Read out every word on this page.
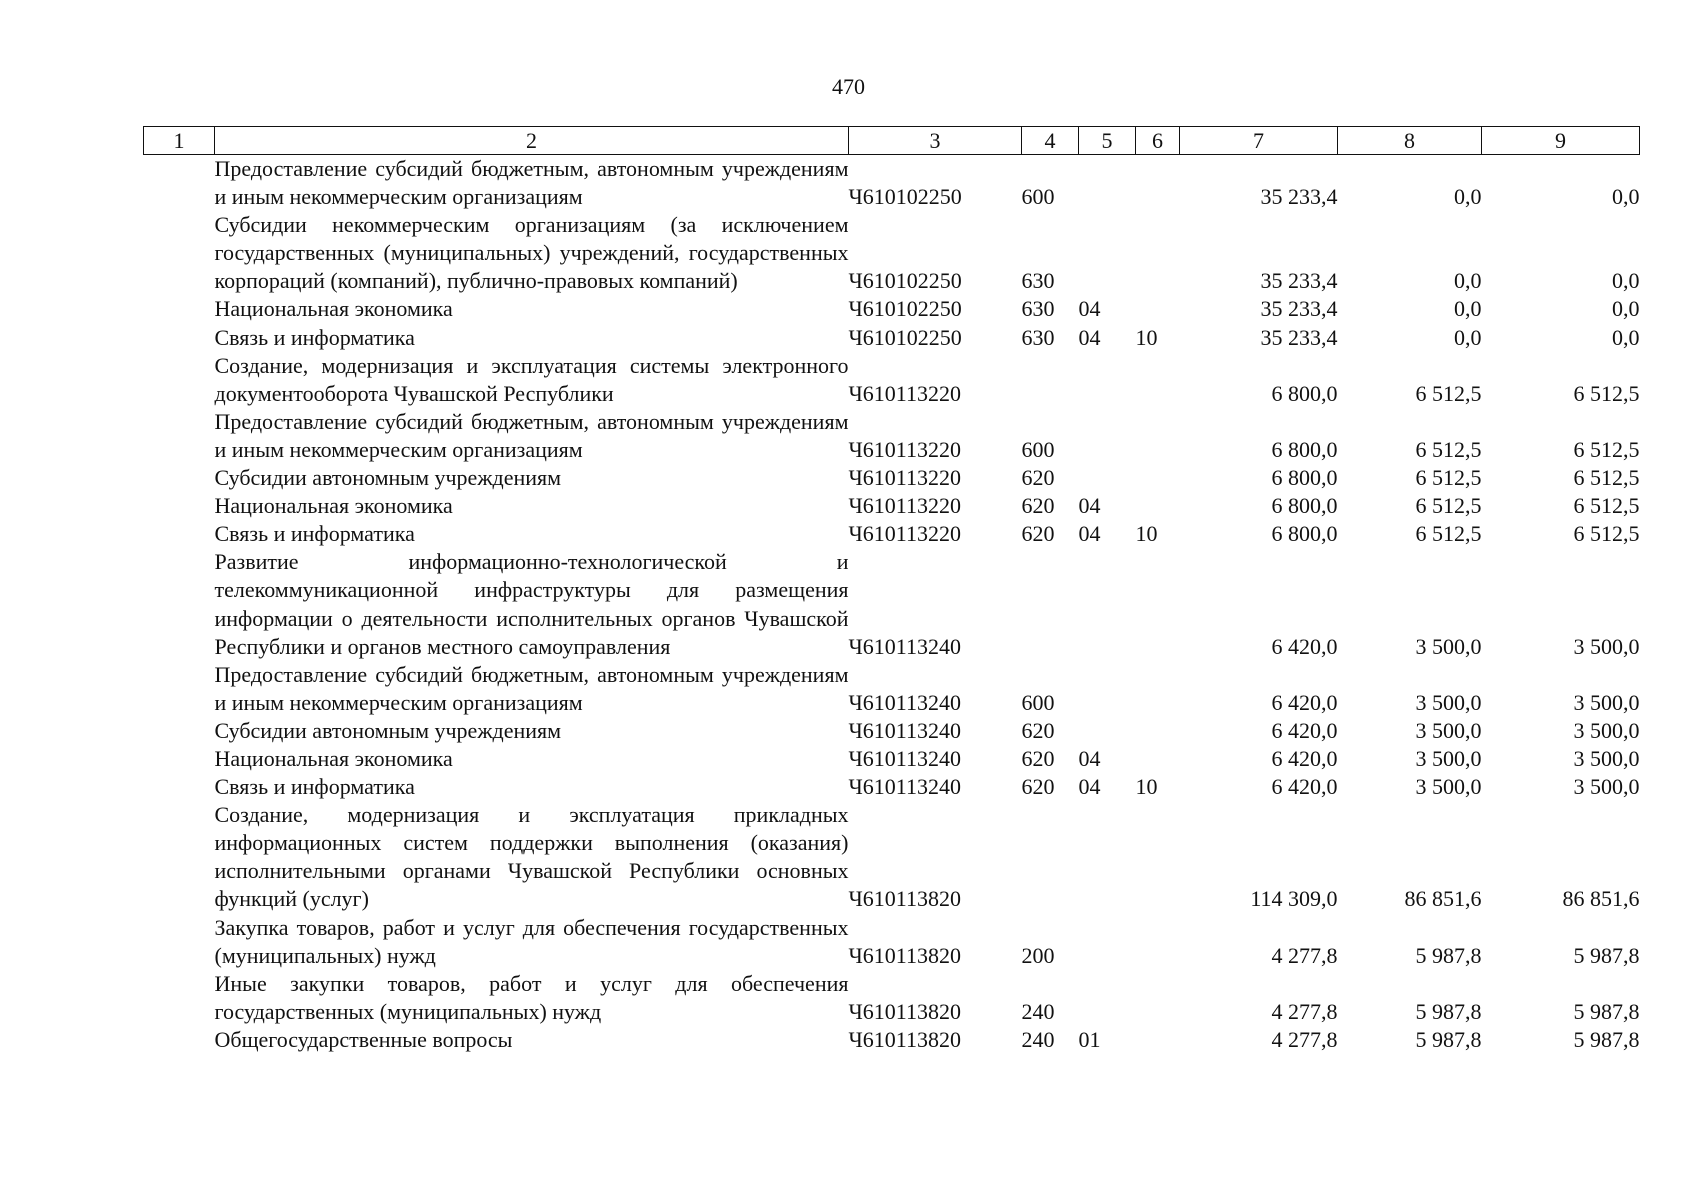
470
1	2	3	4	5	6	7	8	9
	Предоставление субсидий бюджетным, автономным учреждениям и иным некоммерческим организациям	Ч610102250	600			35 233,4	0,0	0,0
	Субсидии некоммерческим организациям (за исключением государственных (муниципальных) учреждений, государственных корпораций (компаний), публично-правовых компаний)	Ч610102250	630			35 233,4	0,0	0,0
	Национальная экономика	Ч610102250	630	04		35 233,4	0,0	0,0
	Связь и информатика	Ч610102250	630	04	10	35 233,4	0,0	0,0
	Создание, модернизация и эксплуатация системы электронного документооборота Чувашской Республики	Ч610113220				6 800,0	6 512,5	6 512,5
	Предоставление субсидий бюджетным, автономным учреждениям и иным некоммерческим организациям	Ч610113220	600			6 800,0	6 512,5	6 512,5
	Субсидии автономным учреждениям	Ч610113220	620			6 800,0	6 512,5	6 512,5
	Национальная экономика	Ч610113220	620	04		6 800,0	6 512,5	6 512,5
	Связь и информатика	Ч610113220	620	04	10	6 800,0	6 512,5	6 512,5
	Развитие информационно-технологической и телекоммуникационной инфраструктуры для размещения информации о деятельности исполнительных органов Чувашской Республики и органов местного самоуправления	Ч610113240				6 420,0	3 500,0	3 500,0
	Предоставление субсидий бюджетным, автономным учреждениям и иным некоммерческим организациям	Ч610113240	600			6 420,0	3 500,0	3 500,0
	Субсидии автономным учреждениям	Ч610113240	620			6 420,0	3 500,0	3 500,0
	Национальная экономика	Ч610113240	620	04		6 420,0	3 500,0	3 500,0
	Связь и информатика	Ч610113240	620	04	10	6 420,0	3 500,0	3 500,0
	Создание, модернизация и эксплуатация прикладных информационных систем поддержки выполнения (оказания) исполнительными органами Чувашской Республики основных функций (услуг)	Ч610113820				114 309,0	86 851,6	86 851,6
	Закупка товаров, работ и услуг для обеспечения государственных (муниципальных) нужд	Ч610113820	200			4 277,8	5 987,8	5 987,8
	Иные закупки товаров, работ и услуг для обеспечения государственных (муниципальных) нужд	Ч610113820	240			4 277,8	5 987,8	5 987,8
	Общегосударственные вопросы	Ч610113820	240	01		4 277,8	5 987,8	5 987,8
